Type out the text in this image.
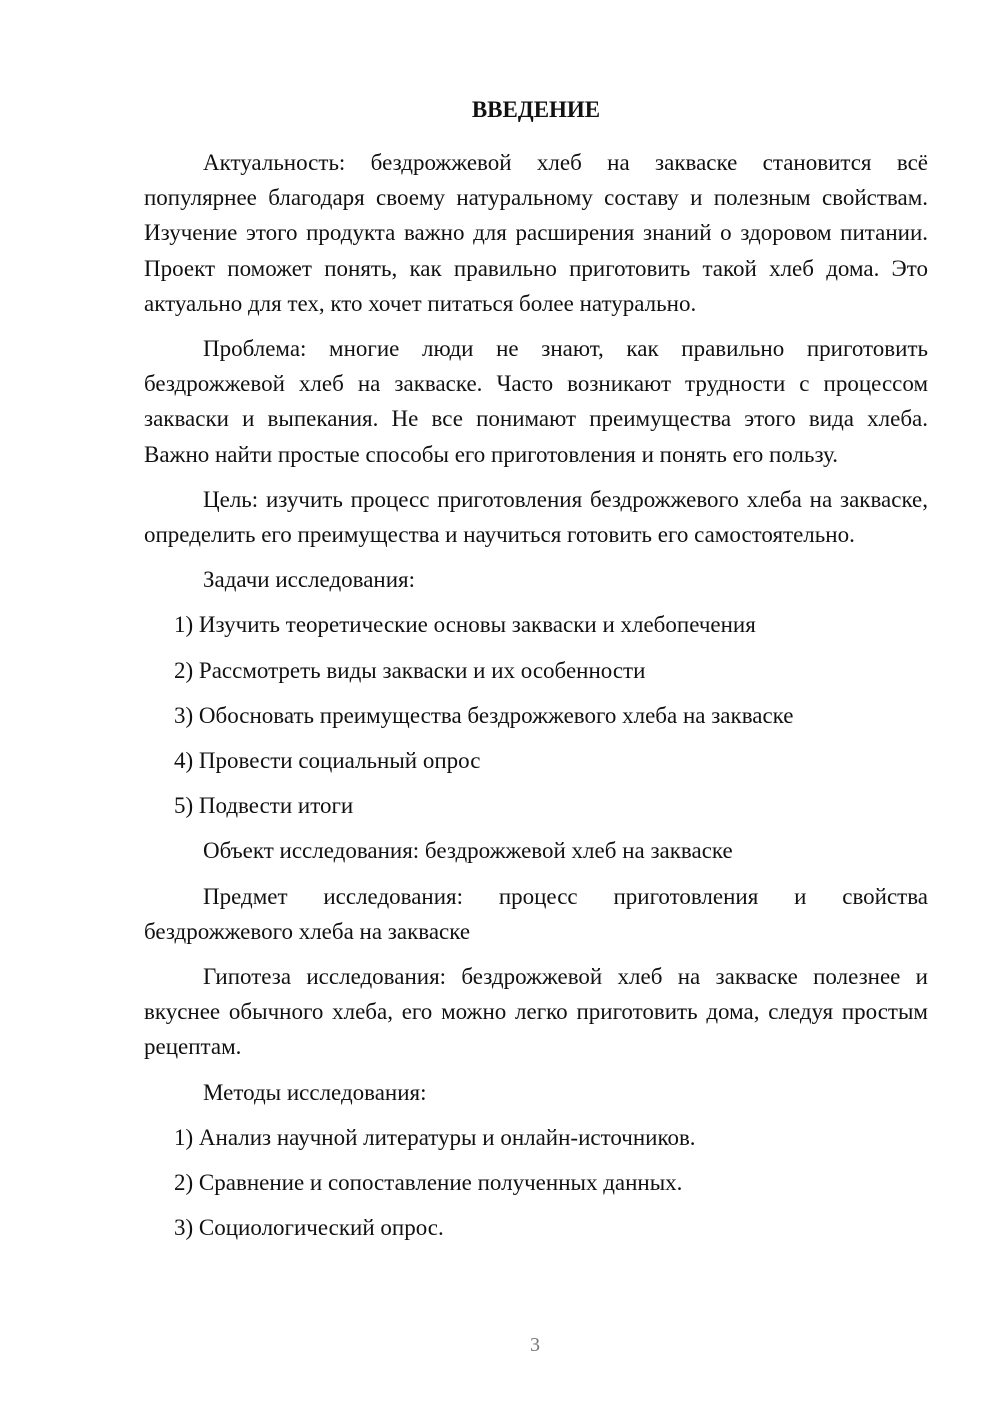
ВВЕДЕНИЕ

Актуальность: бездрожжевой хлеб на закваске становится всё популярнее благодаря своему натуральному составу и полезным свойствам. Изучение этого продукта важно для расширения знаний о здоровом питании. Проект поможет понять, как правильно приготовить такой хлеб дома. Это актуально для тех, кто хочет питаться более натурально.

Проблема: многие люди не знают, как правильно приготовить бездрожжевой хлеб на закваске. Часто возникают трудности с процессом закваски и выпекания. Не все понимают преимущества этого вида хлеба. Важно найти простые способы его приготовления и понять его пользу.

Цель: изучить процесс приготовления бездрожжевого хлеба на закваске, определить его преимущества и научиться готовить его самостоятельно.

Задачи исследования:

1) Изучить теоретические основы закваски и хлебопечения
2) Рассмотреть виды закваски и их особенности
3) Обосновать преимущества бездрожжевого хлеба на закваске
4) Провести социальный опрос
5) Подвести итоги

Объект исследования: бездрожжевой хлеб на закваске

Предмет исследования: процесс приготовления и свойства бездрожжевого хлеба на закваске

Гипотеза исследования: бездрожжевой хлеб на закваске полезнее и вкуснее обычного хлеба, его можно легко приготовить дома, следуя простым рецептам.

Методы исследования:

1) Анализ научной литературы и онлайн-источников.
2) Сравнение и сопоставление полученных данных.
3) Социологический опрос.
3
